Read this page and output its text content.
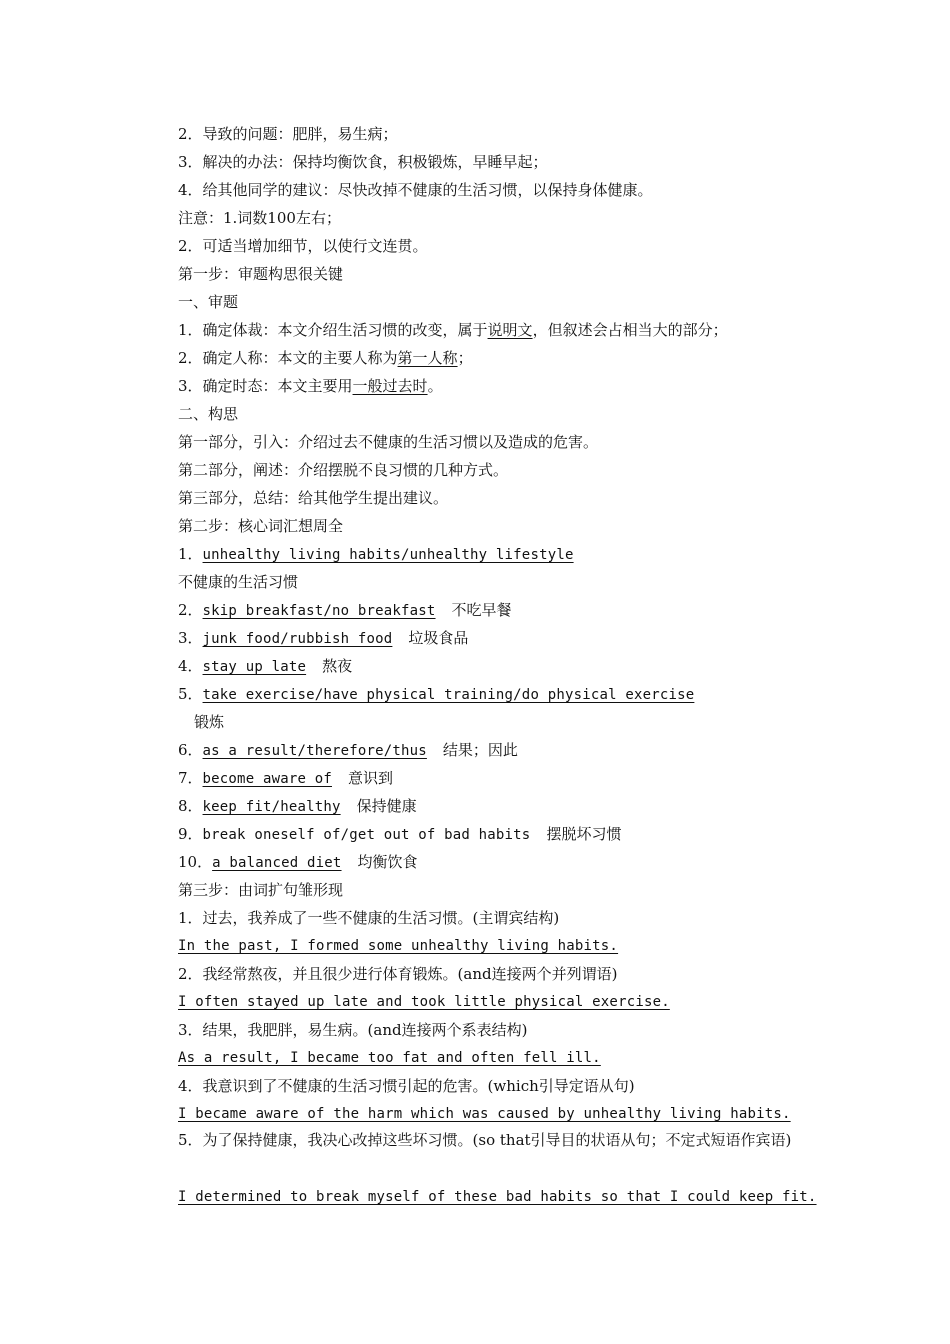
2．导致的问题：肥胖，易生病；
3．解决的办法：保持均衡饮食，积极锻炼，早睡早起；
4．给其他同学的建议：尽快改掉不健康的生活习惯，以保持身体健康。
注意：1.词数100左右；
2．可适当增加细节，以使行文连贯。
第一步：审题构思很关键
一、审题
1．确定体裁：本文介绍生活习惯的改变，属于说明文，但叙述会占相当大的部分；
2．确定人称：本文的主要人称为第一人称；
3．确定时态：本文主要用一般过去时。
二、构思
第一部分，引入：介绍过去不健康的生活习惯以及造成的危害。
第二部分，阐述：介绍摆脱不良习惯的几种方式。
第三部分，总结：给其他学生提出建议。
第二步：核心词汇想周全
1．unhealthy living habits/unhealthy lifestyle
不健康的生活习惯
2．skip breakfast/no breakfast 不吃早餐
3．junk food/rubbish food 垃圾食品
4．stay up late 熬夜
5．take exercise/have physical training/do physical exercise
锻炼
6．as a result/therefore/thus 结果；因此
7．become aware of 意识到
8．keep fit/healthy 保持健康
9．break oneself of/get out of bad habits 摆脱坏习惯
10．a balanced diet 均衡饮食
第三步：由词扩句雏形现
1．过去，我养成了一些不健康的生活习惯。(主谓宾结构)
In the past, I formed some unhealthy living habits.
2．我经常熬夜，并且很少进行体育锻炼。(and连接两个并列谓语)
I often stayed up late and took little physical exercise.
3．结果，我肥胖，易生病。(and连接两个系表结构)
As a result, I became too fat and often fell ill.
4．我意识到了不健康的生活习惯引起的危害。(which引导定语从句)
I became aware of the harm which was caused by unhealthy living habits.
5．为了保持健康，我决心改掉这些坏习惯。(so that引导目的状语从句；不定式短语作宾语)
I determined to break myself of these bad habits so that I could keep fit.
